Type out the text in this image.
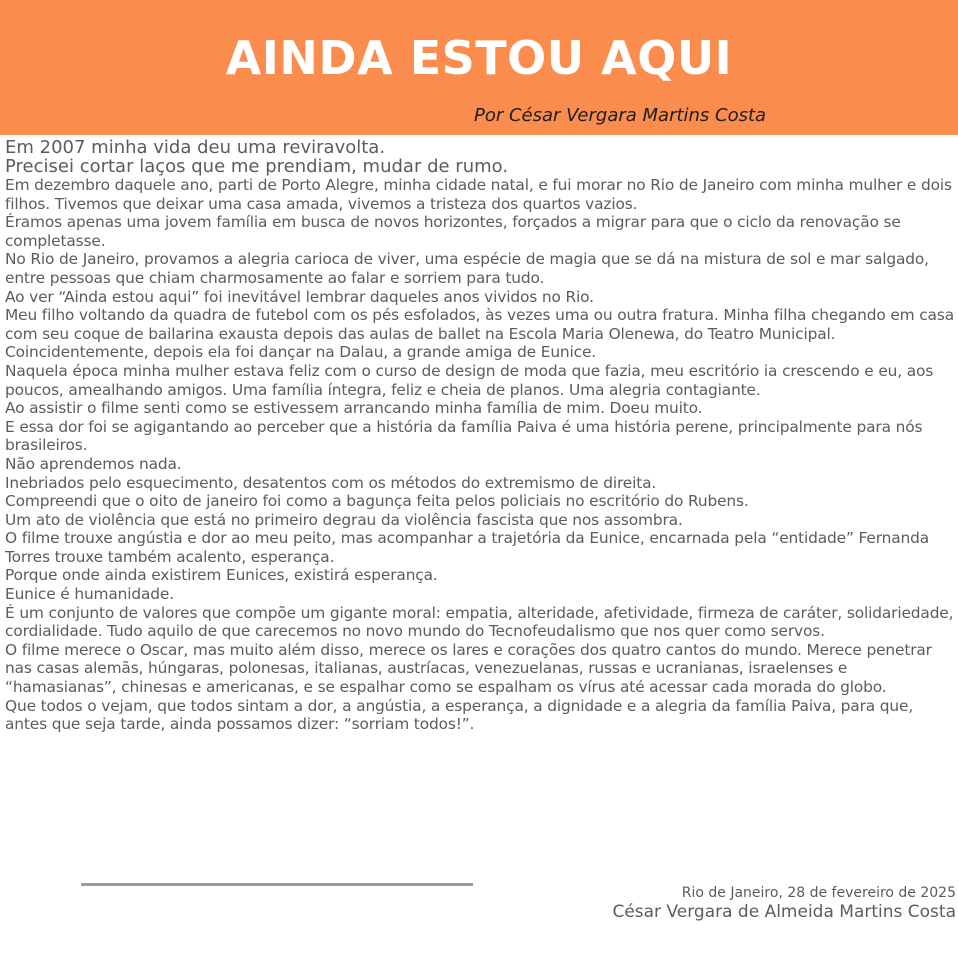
AINDA ESTOU AQUI
Por César Vergara Martins Costa
Em 2007 minha vida deu uma reviravolta.
Precisei cortar laços que me prendiam, mudar de rumo.
Em dezembro daquele ano, parti de Porto Alegre, minha cidade natal, e fui morar no Rio de Janeiro com minha mulher e dois filhos. Tivemos que deixar uma casa amada, vivemos a tristeza dos quartos vazios.
Éramos apenas uma jovem família em busca de novos horizontes, forçados a migrar para que o ciclo da renovação se completasse.
No Rio de Janeiro, provamos a alegria carioca de viver, uma espécie de magia que se dá na mistura de sol e mar salgado, entre pessoas que chiam charmosamente ao falar e sorriem para tudo.
Ao ver “Ainda estou aqui” foi inevitável lembrar daqueles anos vividos no Rio.
Meu filho voltando da quadra de futebol com os pés esfolados, às vezes uma ou outra fratura. Minha filha chegando em casa com seu coque de bailarina exausta depois das aulas de ballet na Escola Maria Olenewa, do Teatro Municipal. Coincidentemente, depois ela foi dançar na Dalau, a grande amiga de Eunice.
Naquela época minha mulher estava feliz com o curso de design de moda que fazia, meu escritório ia crescendo e eu, aos poucos, amealhando amigos. Uma família íntegra, feliz e cheia de planos. Uma alegria contagiante.
Ao assistir o filme senti como se estivessem arrancando minha família de mim. Doeu muito.
E essa dor foi se agigantando ao perceber que a história da família Paiva é uma história perene, principalmente para nós brasileiros.
Não aprendemos nada.
Inebriados pelo esquecimento, desatentos com os métodos do extremismo de direita.
Compreendi que o oito de janeiro foi como a bagunça feita pelos policiais no escritório do Rubens.
Um ato de violência que está no primeiro degrau da violência fascista que nos assombra.
O filme trouxe angústia e dor ao meu peito, mas acompanhar a trajetória da Eunice, encarnada pela “entidade” Fernanda Torres trouxe também acalento, esperança.
Porque onde ainda existirem Eunices, existirá esperança.
Eunice é humanidade.
É um conjunto de valores que compõe um gigante moral: empatia, alteridade, afetividade, firmeza de caráter, solidariedade, cordialidade. Tudo aquilo de que carecemos no novo mundo do Tecnofeudalismo que nos quer como servos.
O filme merece o Oscar, mas muito além disso, merece os lares e corações dos quatro cantos do mundo. Merece penetrar nas casas alemãs, húngaras, polonesas, italianas, austríacas, venezuelanas, russas e ucranianas, israelenses e “hamasianas”, chinesas e americanas, e se espalhar como se espalham os vírus até acessar cada morada do globo.
Que todos o vejam, que todos sintam a dor, a angústia, a esperança, a dignidade e a alegria da família Paiva, para que, antes que seja tarde, ainda possamos dizer: “sorriam todos!”.
Rio de Janeiro, 28 de fevereiro de 2025
César Vergara de Almeida Martins Costa
